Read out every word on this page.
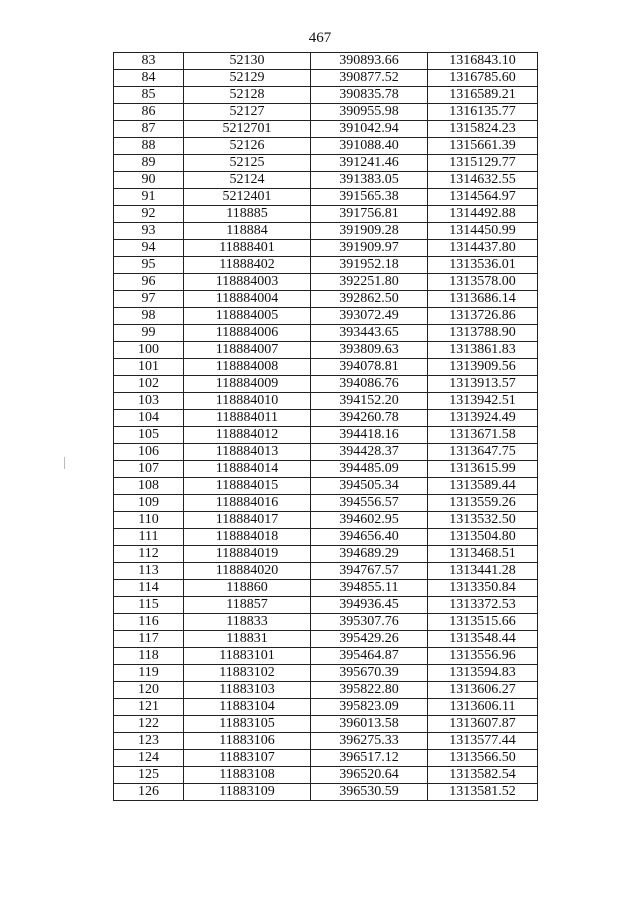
467
83	52130	390893.66	1316843.10
84	52129	390877.52	1316785.60
85	52128	390835.78	1316589.21
86	52127	390955.98	1316135.77
87	5212701	391042.94	1315824.23
88	52126	391088.40	1315661.39
89	52125	391241.46	1315129.77
90	52124	391383.05	1314632.55
91	5212401	391565.38	1314564.97
92	118885	391756.81	1314492.88
93	118884	391909.28	1314450.99
94	11888401	391909.97	1314437.80
95	11888402	391952.18	1313536.01
96	118884003	392251.80	1313578.00
97	118884004	392862.50	1313686.14
98	118884005	393072.49	1313726.86
99	118884006	393443.65	1313788.90
100	118884007	393809.63	1313861.83
101	118884008	394078.81	1313909.56
102	118884009	394086.76	1313913.57
103	118884010	394152.20	1313942.51
104	118884011	394260.78	1313924.49
105	118884012	394418.16	1313671.58
106	118884013	394428.37	1313647.75
107	118884014	394485.09	1313615.99
108	118884015	394505.34	1313589.44
109	118884016	394556.57	1313559.26
110	118884017	394602.95	1313532.50
111	118884018	394656.40	1313504.80
112	118884019	394689.29	1313468.51
113	118884020	394767.57	1313441.28
114	118860	394855.11	1313350.84
115	118857	394936.45	1313372.53
116	118833	395307.76	1313515.66
117	118831	395429.26	1313548.44
118	11883101	395464.87	1313556.96
119	11883102	395670.39	1313594.83
120	11883103	395822.80	1313606.27
121	11883104	395823.09	1313606.11
122	11883105	396013.58	1313607.87
123	11883106	396275.33	1313577.44
124	11883107	396517.12	1313566.50
125	11883108	396520.64	1313582.54
126	11883109	396530.59	1313581.52
